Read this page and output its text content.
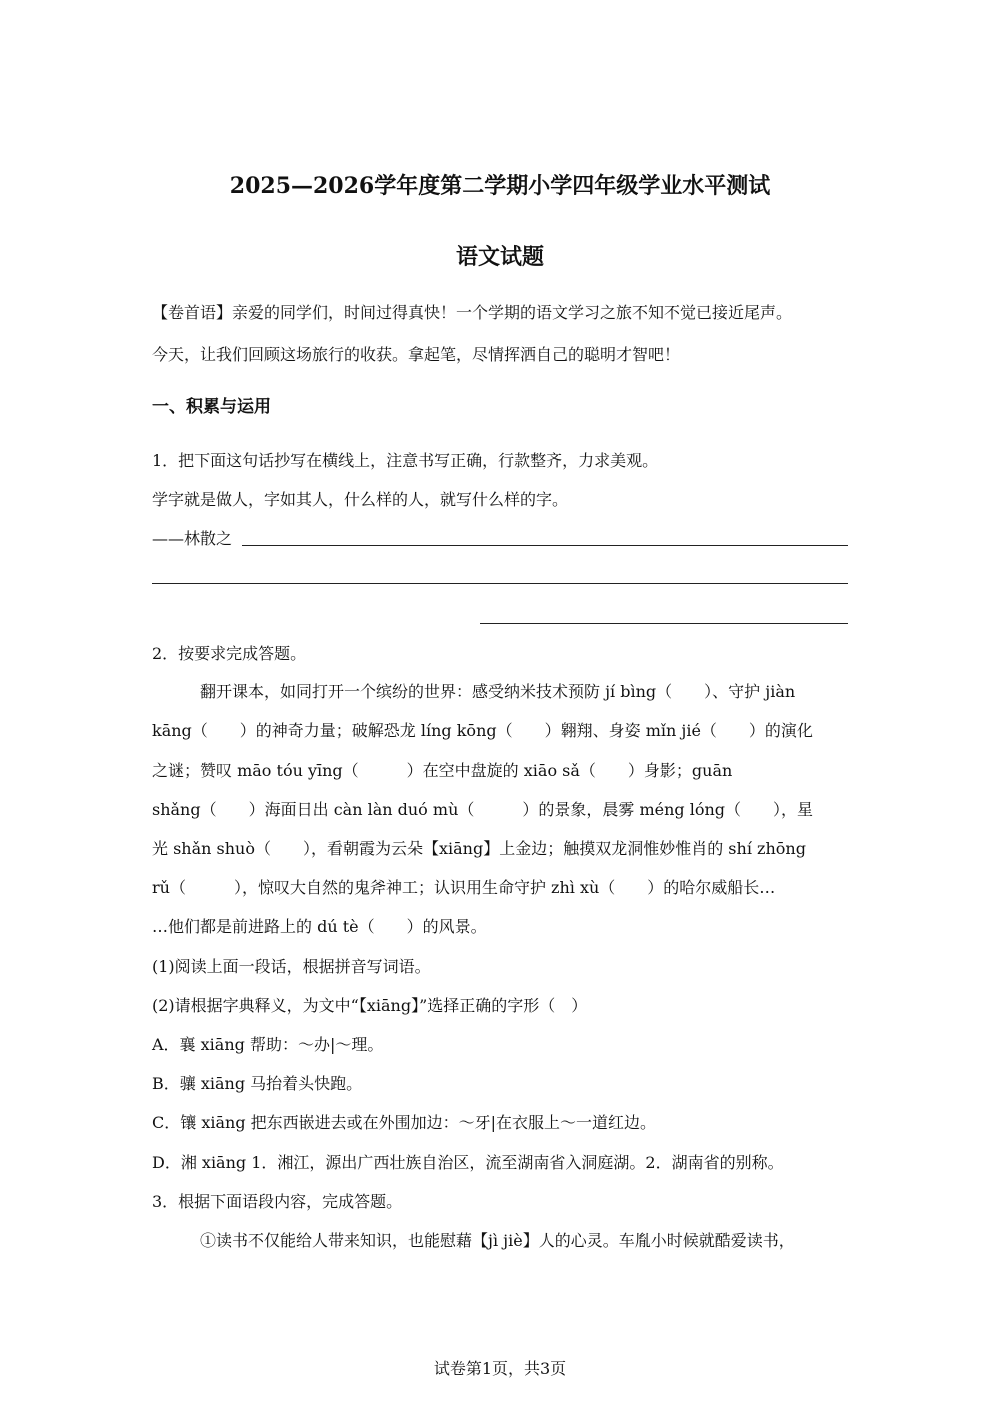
2025—2026学年度第二学期小学四年级学业水平测试
语文试题
【卷首语】亲爱的同学们，时间过得真快！一个学期的语文学习之旅不知不觉已接近尾声。
今天，让我们回顾这场旅行的收获。拿起笔，尽情挥洒自己的聪明才智吧！
一、积累与运用
1．把下面这句话抄写在横线上，注意书写正确，行款整齐，力求美观。
学字就是做人，字如其人，什么样的人，就写什么样的字。
——林散之
2．按要求完成答题。
翻开课本，如同打开一个缤纷的世界：感受纳米技术预防 jí bìng（　　）、守护 jiàn
kāng（　　）的神奇力量；破解恐龙 líng kōng（　　）翱翔、身姿 mǐn jié（　　）的演化
之谜；赞叹 māo tóu yīng（　　　）在空中盘旋的 xiāo sǎ（　　）身影；guān
shǎng（　　）海面日出 càn làn duó mù（　　　）的景象，晨雾 méng lóng（　　），星
光 shǎn shuò（　　），看朝霞为云朵【xiāng】上金边；触摸双龙洞惟妙惟肖的 shí zhōng
rǔ（　　　），惊叹大自然的鬼斧神工；认识用生命守护 zhì xù（　　）的哈尔威船长…
…他们都是前进路上的 dú tè（　　）的风景。
(1)阅读上面一段话，根据拼音写词语。
(2)请根据字典释义，为文中“【xiāng】”选择正确的字形（　）
A．襄 xiāng 帮助：～办|～理。
B．骧 xiāng 马抬着头快跑。
C．镶 xiāng 把东西嵌进去或在外围加边：～牙|在衣服上～一道红边。
D．湘 xiāng 1．湘江，源出广西壮族自治区，流至湖南省入洞庭湖。2．湖南省的别称。
3．根据下面语段内容，完成答题。
①读书不仅能给人带来知识，也能慰藉【jì jiè】人的心灵。车胤小时候就酷爱读书，
试卷第1页，共3页
